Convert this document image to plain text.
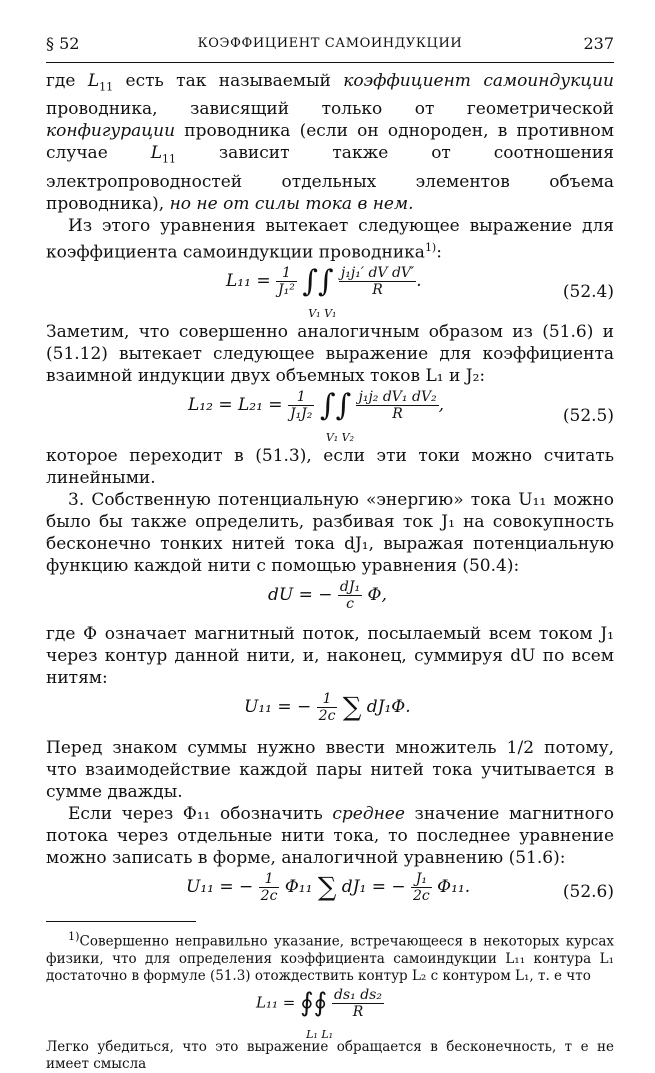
§ 52	КОЭФФИЦИЕНТ САМОИНДУКЦИИ	237

где $L_{11}$ есть так называемый коэффициент самоиндукции проводника, зависящий только от геометрической конфигурации проводника (если он однороден, в противном случае $L_{11}$ зависит также от соотношения электропроводностей отдельных элементов объема проводника), но не от силы тока в нем.

Из этого уравнения вытекает следующее выражение для коэффициента самоиндукции проводника$^{1)}$:

$L_{11} = \frac{1}{\text{J₁²}}$ ∫∫
V₁ V₁

$\frac{\text{j₁j₁′ dV dV′}}{R}$ .
(52.4)

Заметим, что совершенно аналогичным образом из (51.6) и (51.12) вытекает следующее выражение для коэффициента взаимной индукции двух объемных токов L₁ и J₂:

$L_{12} = L_{21} = \frac{1}{\text{J₁J₂}}$ ∫∫
V₁ V₂

$\frac{\text{j₁j₂ dV₁ dV₂}}{R}$ ,
(52.5)

которое переходит в (51.3), если эти токи можно считать линейными.

3. Собственную потенциальную «энергию» тока U₁₁ можно было бы также определить, разбивая ток J₁ на совокупность бесконечно тонких нитей тока dJ₁, выражая потенциальную функцию каждой нити с помощью уравнения (50.4):

dU = − $\frac{\text{dJ₁}}{c} \Phi$,

где Φ означает магнитный поток, посылаемый всем током J₁ через контур данной нити, и, наконец, суммируя dU по всем нитям:

U₁₁ = − $\frac{1}{2c}$ ∑ dJ₁Φ.

Перед знаком суммы нужно ввести множитель 1/2 потому, что взаимодействие каждой пары нитей тока учитывается в сумме дважды.

Если через Φ₁₁ обозначить среднее значение магнитного потока через отдельные нити тока, то последнее уравнение можно записать в форме, аналогичной уравнению (51.6):

U₁₁ = − $\frac{1}{2c} \Phi_{11}$ ∑ dJ₁ = − $\frac{\text{J₁}}{2c} \Phi_{11}$.	(52.6)

$^{1)}$Совершенно неправильно указание, встречающееся в некоторых курсах физики, что для определения коэффициента самоиндукции L₁₁ контура L₁ достаточно в формуле (51.3) отождествить контур L₂ с контуром L₁, т. е что

L₁₁ = ∮∮
L₁ L₁

$\frac{\text{ds₁ ds₂}}{R}$

Легко убедиться, что это выражение обращается в бесконечность, т е не имеет смысла
